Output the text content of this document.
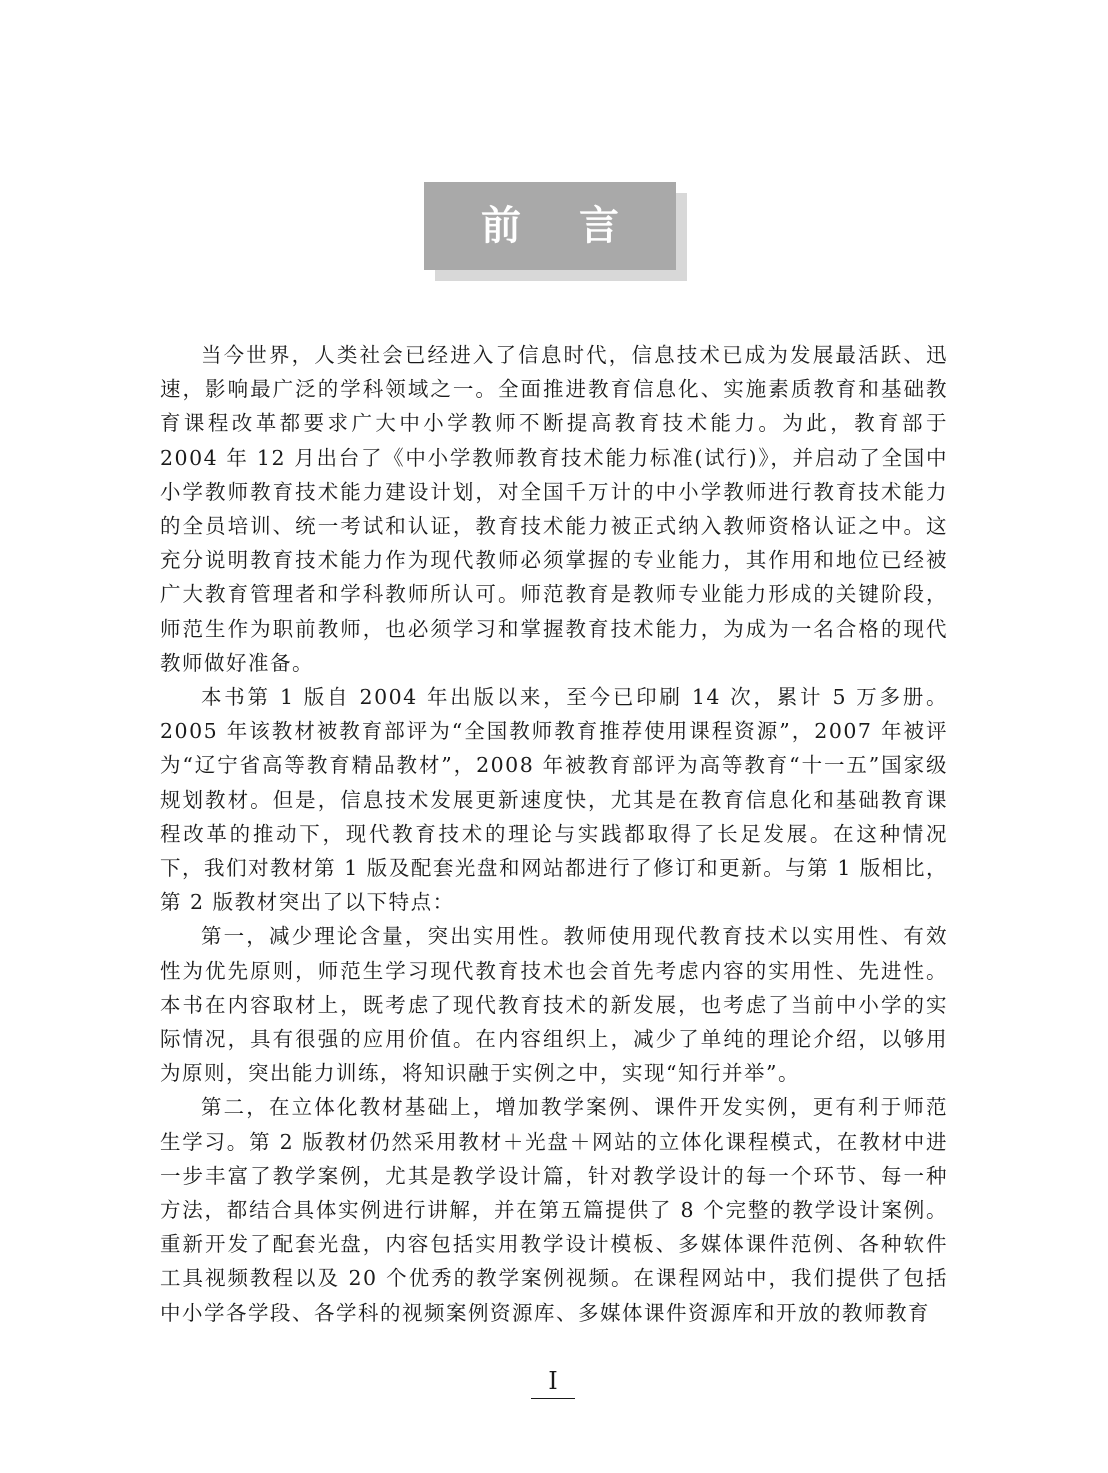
前言

当今世界，人类社会已经进入了信息时代，信息技术已成为发展最活跃、迅速，影响最广泛的学科领域之一。全面推进教育信息化、实施素质教育和基础教育课程改革都要求广大中小学教师不断提高教育技术能力。为此，教育部于 2004 年 12 月出台了《中小学教师教育技术能力标准(试行)》，并启动了全国中小学教师教育技术能力建设计划，对全国千万计的中小学教师进行教育技术能力的全员培训、统一考试和认证，教育技术能力被正式纳入教师资格认证之中。这充分说明教育技术能力作为现代教师必须掌握的专业能力，其作用和地位已经被广大教育管理者和学科教师所认可。师范教育是教师专业能力形成的关键阶段，师范生作为职前教师，也必须学习和掌握教育技术能力，为成为一名合格的现代教师做好准备。

本书第 1 版自 2004 年出版以来，至今已印刷 14 次，累计 5 万多册。2005 年该教材被教育部评为“全国教师教育推荐使用课程资源”，2007 年被评为“辽宁省高等教育精品教材”，2008 年被教育部评为高等教育“十一五”国家级规划教材。但是，信息技术发展更新速度快，尤其是在教育信息化和基础教育课程改革的推动下，现代教育技术的理论与实践都取得了长足发展。在这种情况下，我们对教材第 1 版及配套光盘和网站都进行了修订和更新。与第 1 版相比，第 2 版教材突出了以下特点：

第一，减少理论含量，突出实用性。教师使用现代教育技术以实用性、有效性为优先原则，师范生学习现代教育技术也会首先考虑内容的实用性、先进性。本书在内容取材上，既考虑了现代教育技术的新发展，也考虑了当前中小学的实际情况，具有很强的应用价值。在内容组织上，减少了单纯的理论介绍，以够用为原则，突出能力训练，将知识融于实例之中，实现“知行并举”。

第二，在立体化教材基础上，增加教学案例、课件开发实例，更有利于师范生学习。第 2 版教材仍然采用教材＋光盘＋网站的立体化课程模式，在教材中进一步丰富了教学案例，尤其是教学设计篇，针对教学设计的每一个环节、每一种方法，都结合具体实例进行讲解，并在第五篇提供了 8 个完整的教学设计案例。重新开发了配套光盘，内容包括实用教学设计模板、多媒体课件范例、各种软件工具视频教程以及 20 个优秀的教学案例视频。在课程网站中，我们提供了包括中小学各学段、各学科的视频案例资源库、多媒体课件资源库和开放的教师教育

I
